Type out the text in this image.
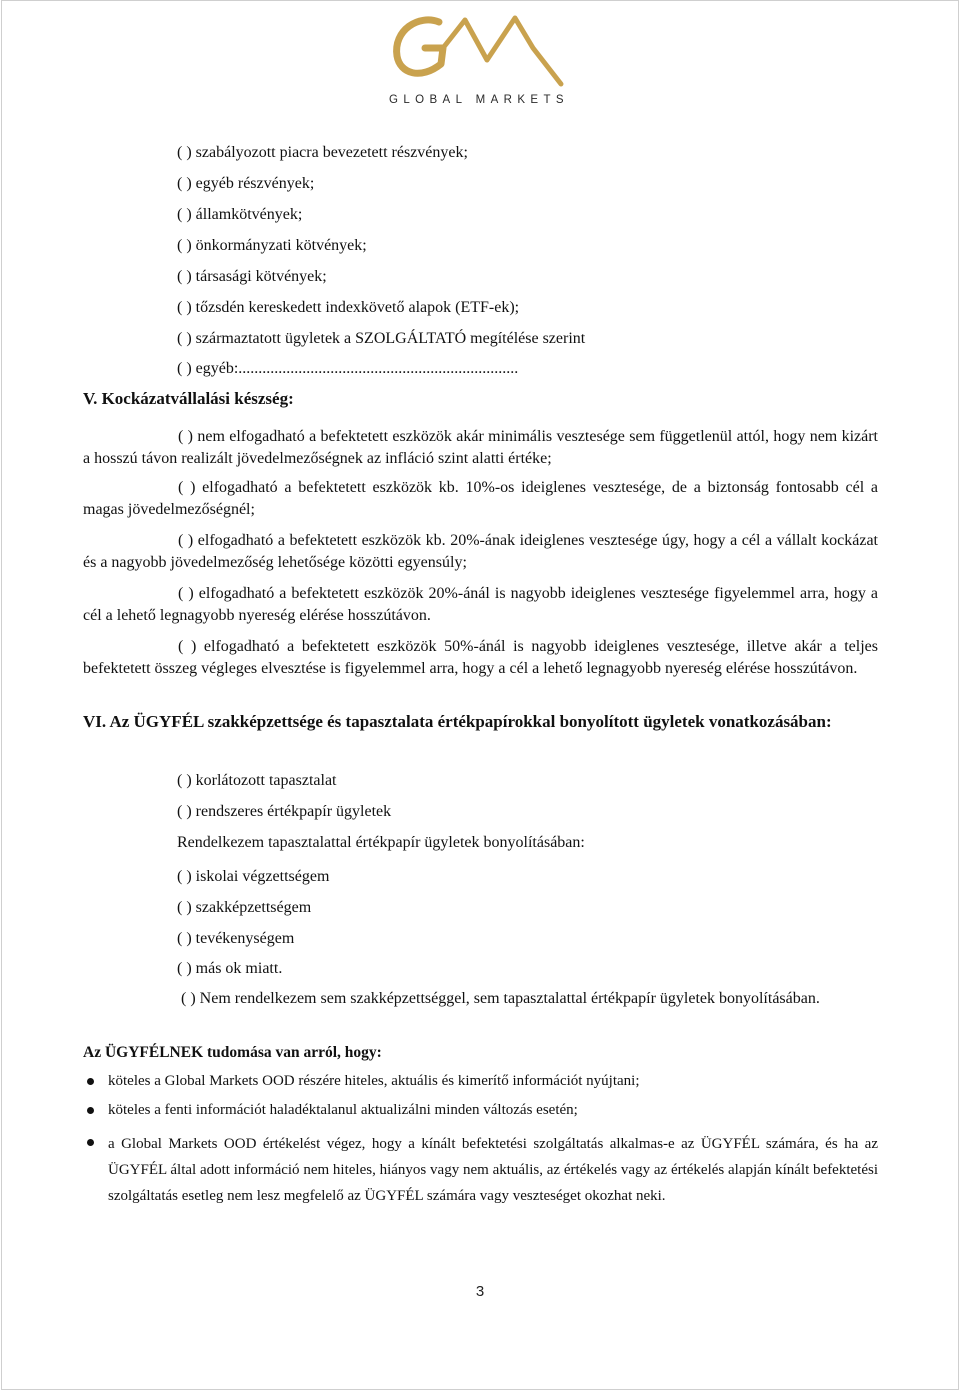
GLOBAL MARKETS
( ) szabályozott piacra bevezetett részvények;
( ) egyéb részvények;
( ) államkötvények;
( ) önkormányzati kötvények;
( ) társasági kötvények;
( ) tőzsdén kereskedett indexkövető alapok (ETF-ek);
( ) származtatott ügyletek a SZOLGÁLTATÓ megítélése szerint
( ) egyéb:......................................................................
V. Kockázatvállalási készség:
( ) nem elfogadható a befektetett eszközök akár minimális vesztesége sem függetlenül attól, hogy nem kizárt a hosszú távon realizált jövedelmezőségnek az infláció szint alatti értéke;
( ) elfogadható a befektetett eszközök kb. 10%-os ideiglenes vesztesége, de a biztonság fontosabb cél a magas jövedelmezőségnél;
( ) elfogadható a befektetett eszközök kb. 20%-ának ideiglenes vesztesége úgy, hogy a cél a vállalt kockázat és a nagyobb jövedelmezőség lehetősége közötti egyensúly;
( ) elfogadható a befektetett eszközök 20%-ánál is nagyobb ideiglenes vesztesége figyelemmel arra, hogy a cél a lehető legnagyobb nyereség elérése hosszútávon.
( ) elfogadható a befektetett eszközök 50%-ánál is nagyobb ideiglenes vesztesége, illetve akár a teljes befektetett összeg végleges elvesztése is figyelemmel arra, hogy a cél a lehető legnagyobb nyereség elérése hosszútávon.
VI. Az ÜGYFÉL szakképzettsége és tapasztalata értékpapírokkal bonyolított ügyletek vonatkozásában:
( ) korlátozott tapasztalat
( ) rendszeres értékpapír ügyletek
Rendelkezem tapasztalattal értékpapír ügyletek bonyolításában:
( ) iskolai végzettségem
( ) szakképzettségem
( ) tevékenységem
( ) más ok miatt.
( ) Nem rendelkezem sem szakképzettséggel, sem tapasztalattal értékpapír ügyletek bonyolításában.
Az ÜGYFÉLNEK tudomása van arról, hogy:
köteles a Global Markets OOD részére hiteles, aktuális és kimerítő információt nyújtani;
köteles a fenti információt haladéktalanul aktualizálni minden változás esetén;
a Global Markets OOD értékelést végez, hogy a kínált befektetési szolgáltatás alkalmas-e az ÜGYFÉL számára, és ha az ÜGYFÉL által adott információ nem hiteles, hiányos vagy nem aktuális, az értékelés vagy az értékelés alapján kínált befektetési szolgáltatás esetleg nem lesz megfelelő az ÜGYFÉL számára vagy veszteséget okozhat neki.
3
